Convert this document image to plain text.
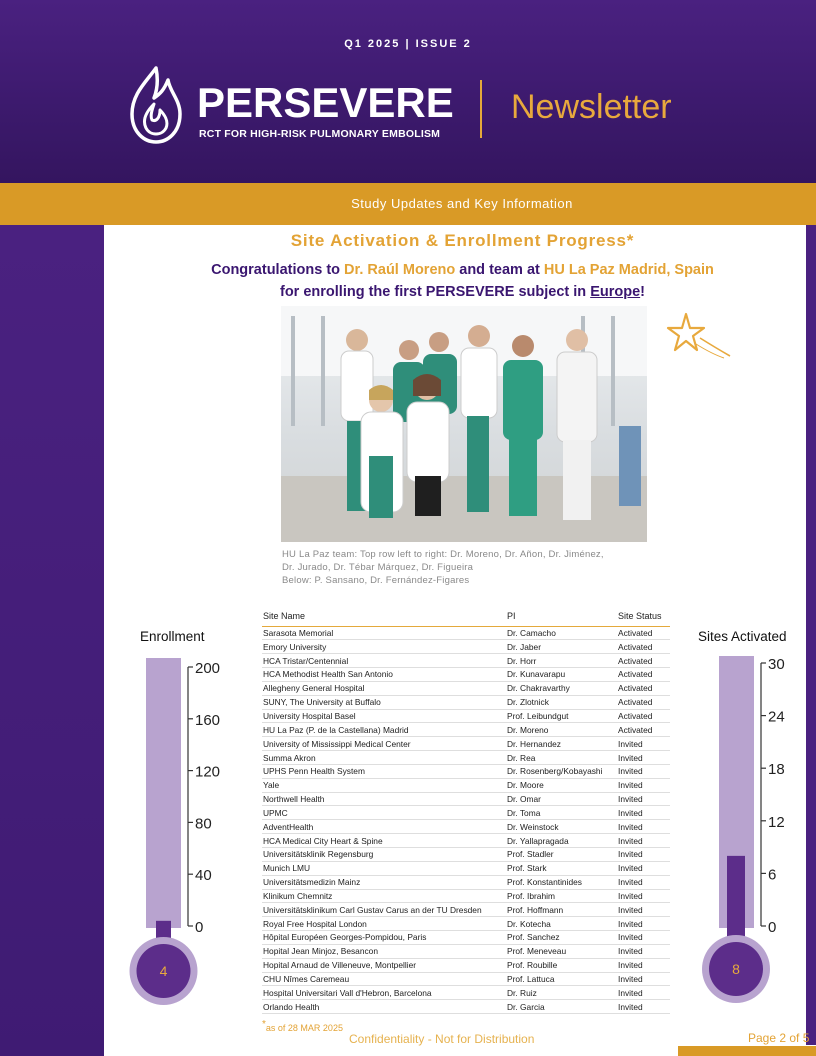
Q1 2025 | ISSUE 2
PERSEVERE
RCT FOR HIGH-RISK PULMONARY EMBOLISM
Newsletter
Study Updates and Key Information
Site Activation & Enrollment Progress*
Congratulations to Dr. Raúl Moreno and team at HU La Paz Madrid, Spain
for enrolling the first PERSEVERE subject in Europe!
HU La Paz team: Top row left to right: Dr. Moreno, Dr. Añon, Dr. Jiménez,
Dr. Jurado, Dr. Tébar Márquez, Dr. Figueira
Below: P. Sansano, Dr. Fernández-Figares
Enrollment
4
200
160
120
80
40
0
Sites Activated
8
30
24
18
12
6
0
Site Name	PI	Site Status
Sarasota Memorial	Dr. Camacho	Activated
Emory University	Dr. Jaber	Activated
HCA Tristar/Centennial	Dr. Horr	Activated
HCA Methodist Health San Antonio	Dr. Kunavarapu	Activated
Allegheny General Hospital	Dr. Chakravarthy	Activated
SUNY, The University at Buffalo	Dr. Zlotnick	Activated
University Hospital Basel	Prof. Leibundgut	Activated
HU La Paz (P. de la Castellana) Madrid	Dr. Moreno	Activated
University of Mississippi Medical Center	Dr. Hernandez	Invited
Summa Akron	Dr. Rea	Invited
UPHS Penn Health System	Dr. Rosenberg/Kobayashi	Invited
Yale	Dr. Moore	Invited
Northwell Health	Dr. Omar	Invited
UPMC	Dr. Toma	Invited
AdventHealth	Dr. Weinstock	Invited
HCA Medical City Heart & Spine	Dr. Yallapragada	Invited
Universitätsklinik Regensburg	Prof. Stadler	Invited
Munich LMU	Prof. Stark	Invited
Universitätsmedizin Mainz	Prof. Konstantinides	Invited
Klinikum Chemnitz	Prof. Ibrahim	Invited
Universitätsklinikum Carl Gustav Carus an der TU Dresden	Prof. Hoffmann	Invited
Royal Free Hospital London	Dr. Kotecha	Invited
Hôpital Européen Georges-Pompidou, Paris	Prof. Sanchez	Invited
Hopital Jean Minjoz, Besancon	Prof. Meneveau	Invited
Hopital Arnaud de Villeneuve, Montpellier	Prof. Roubille	Invited
CHU Nîmes Caremeau	Prof. Lattuca	Invited
Hospital Universitari Vall d'Hebron, Barcelona	Dr. Ruiz	Invited
Orlando Health	Dr. Garcia	Invited
*as of 28 MAR 2025
Confidentiality - Not for Distribution	Page 2 of 5
